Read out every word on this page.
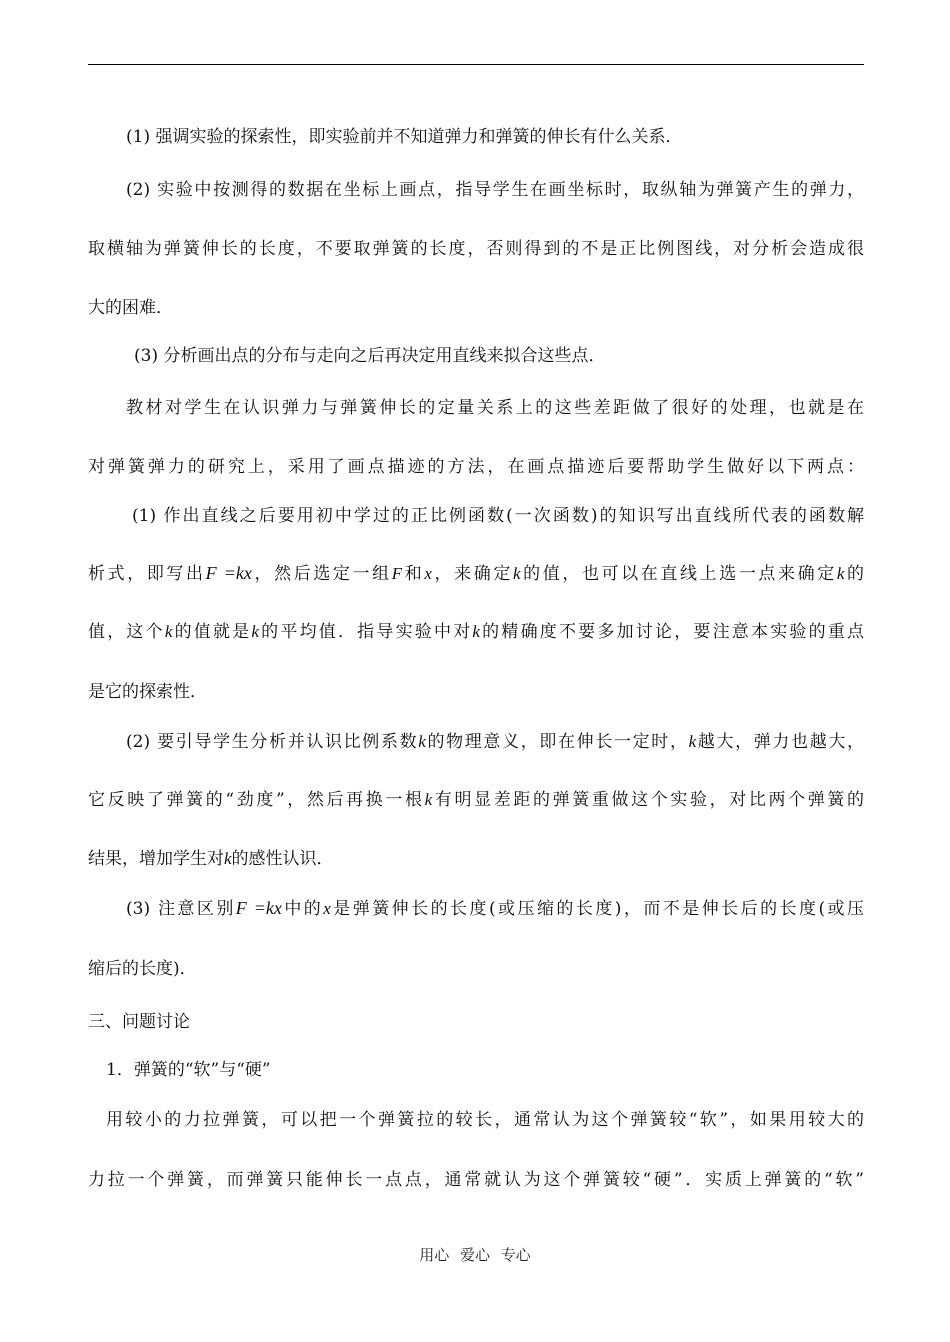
(1) 强调实验的探索性，即实验前并不知道弹力和弹簧的伸长有什么关系．
(2) 实验中按测得的数据在坐标上画点，指导学生在画坐标时，取纵轴为弹簧产生的弹力，
取横轴为弹簧伸长的长度，不要取弹簧的长度，否则得到的不是正比例图线，对分析会造成很
大的困难．
(3) 分析画出点的分布与走向之后再决定用直线来拟合这些点．
教材对学生在认识弹力与弹簧伸长的定量关系上的这些差距做了很好的处理，也就是在
对弹簧弹力的研究上，采用了画点描迹的方法，在画点描迹后要帮助学生做好以下两点：
(1) 作出直线之后要用初中学过的正比例函数(一次函数)的知识写出直线所代表的函数解
析式，即写出F =kx，然后选定一组F和x，来确定k的值，也可以在直线上选一点来确定k的
值，这个k的值就是k的平均值．指导实验中对k的精确度不要多加讨论，要注意本实验的重点
是它的探索性．
(2) 要引导学生分析并认识比例系数k的物理意义，即在伸长一定时，k越大，弹力也越大，
它反映了弹簧的“劲度”，然后再换一根k有明显差距的弹簧重做这个实验，对比两个弹簧的
结果，增加学生对k的感性认识．
(3) 注意区别F =kx中的x是弹簧伸长的长度(或压缩的长度)，而不是伸长后的长度(或压
缩后的长度)．
三、问题讨论
1．弹簧的“软”与“硬”
用较小的力拉弹簧，可以把一个弹簧拉的较长，通常认为这个弹簧较“软”，如果用较大的
力拉一个弹簧，而弹簧只能伸长一点点，通常就认为这个弹簧较“硬”．实质上弹簧的“软”
用心 爱心 专心
